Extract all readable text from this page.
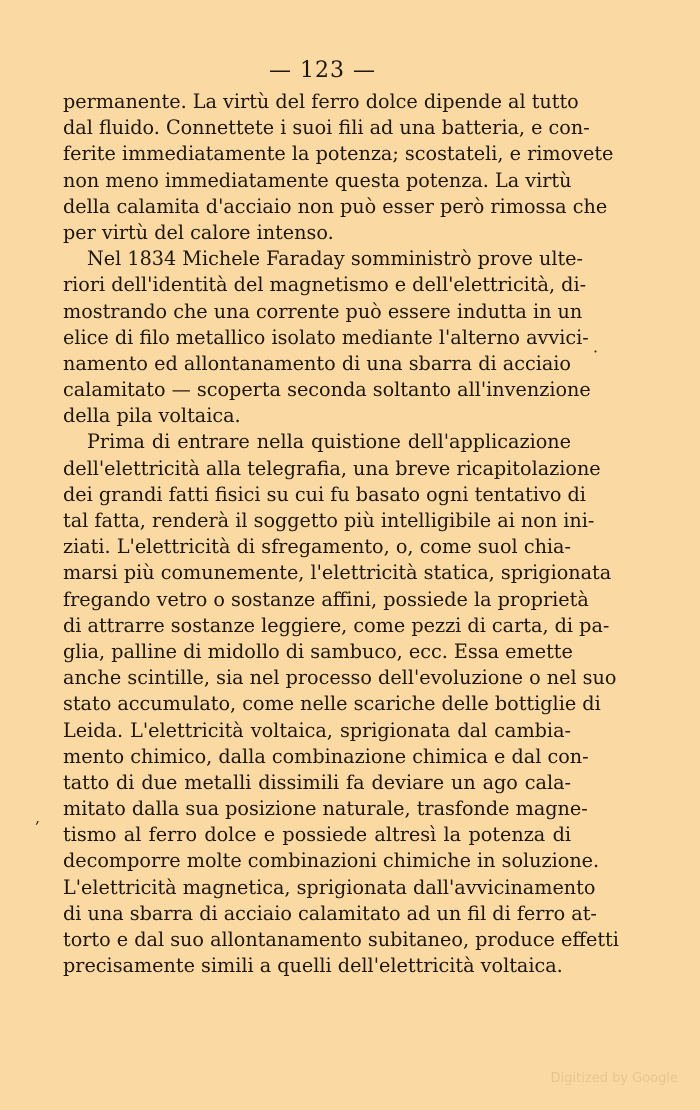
— 123 —
permanente. La virtù del ferro dolce dipende al tutto
dal fluido. Connettete i suoi fili ad una batteria, e con-
ferite immediatamente la potenza; scostateli, e rimovete
non meno immediatamente questa potenza. La virtù
della calamita d'acciaio non può esser però rimossa che
per virtù del calore intenso.
Nel 1834 Michele Faraday somministrò prove ulte-
riori dell'identità del magnetismo e dell'elettricità, di-
mostrando che una corrente può essere indutta in un
elice di filo metallico isolato mediante l'alterno avvici-
namento ed allontanamento di una sbarra di acciaio
calamitato — scoperta seconda soltanto all'invenzione
della pila voltaica.
Prima di entrare nella quistione dell'applicazione
dell'elettricità alla telegrafia, una breve ricapitolazione
dei grandi fatti fisici su cui fu basato ogni tentativo di
tal fatta, renderà il soggetto più intelligibile ai non ini-
ziati. L'elettricità di sfregamento, o, come suol chia-
marsi più comunemente, l'elettricità statica, sprigionata
fregando vetro o sostanze affini, possiede la proprietà
di attrarre sostanze leggiere, come pezzi di carta, di pa-
glia, palline di midollo di sambuco, ecc. Essa emette
anche scintille, sia nel processo dell'evoluzione o nel suo
stato accumulato, come nelle scariche delle bottiglie di
Leida. L'elettricità voltaica, sprigionata dal cambia-
mento chimico, dalla combinazione chimica e dal con-
tatto di due metalli dissimili fa deviare un ago cala-
mitato dalla sua posizione naturale, trasfonde magne-
tismo al ferro dolce e possiede altresì la potenza di
decomporre molte combinazioni chimiche in soluzione.
L'elettricità magnetica, sprigionata dall'avvicinamento
di una sbarra di acciaio calamitato ad un fil di ferro at-
torto e dal suo allontanamento subitaneo, produce effetti
precisamente simili a quelli dell'elettricità voltaica.
·
,
Digitized by Google
